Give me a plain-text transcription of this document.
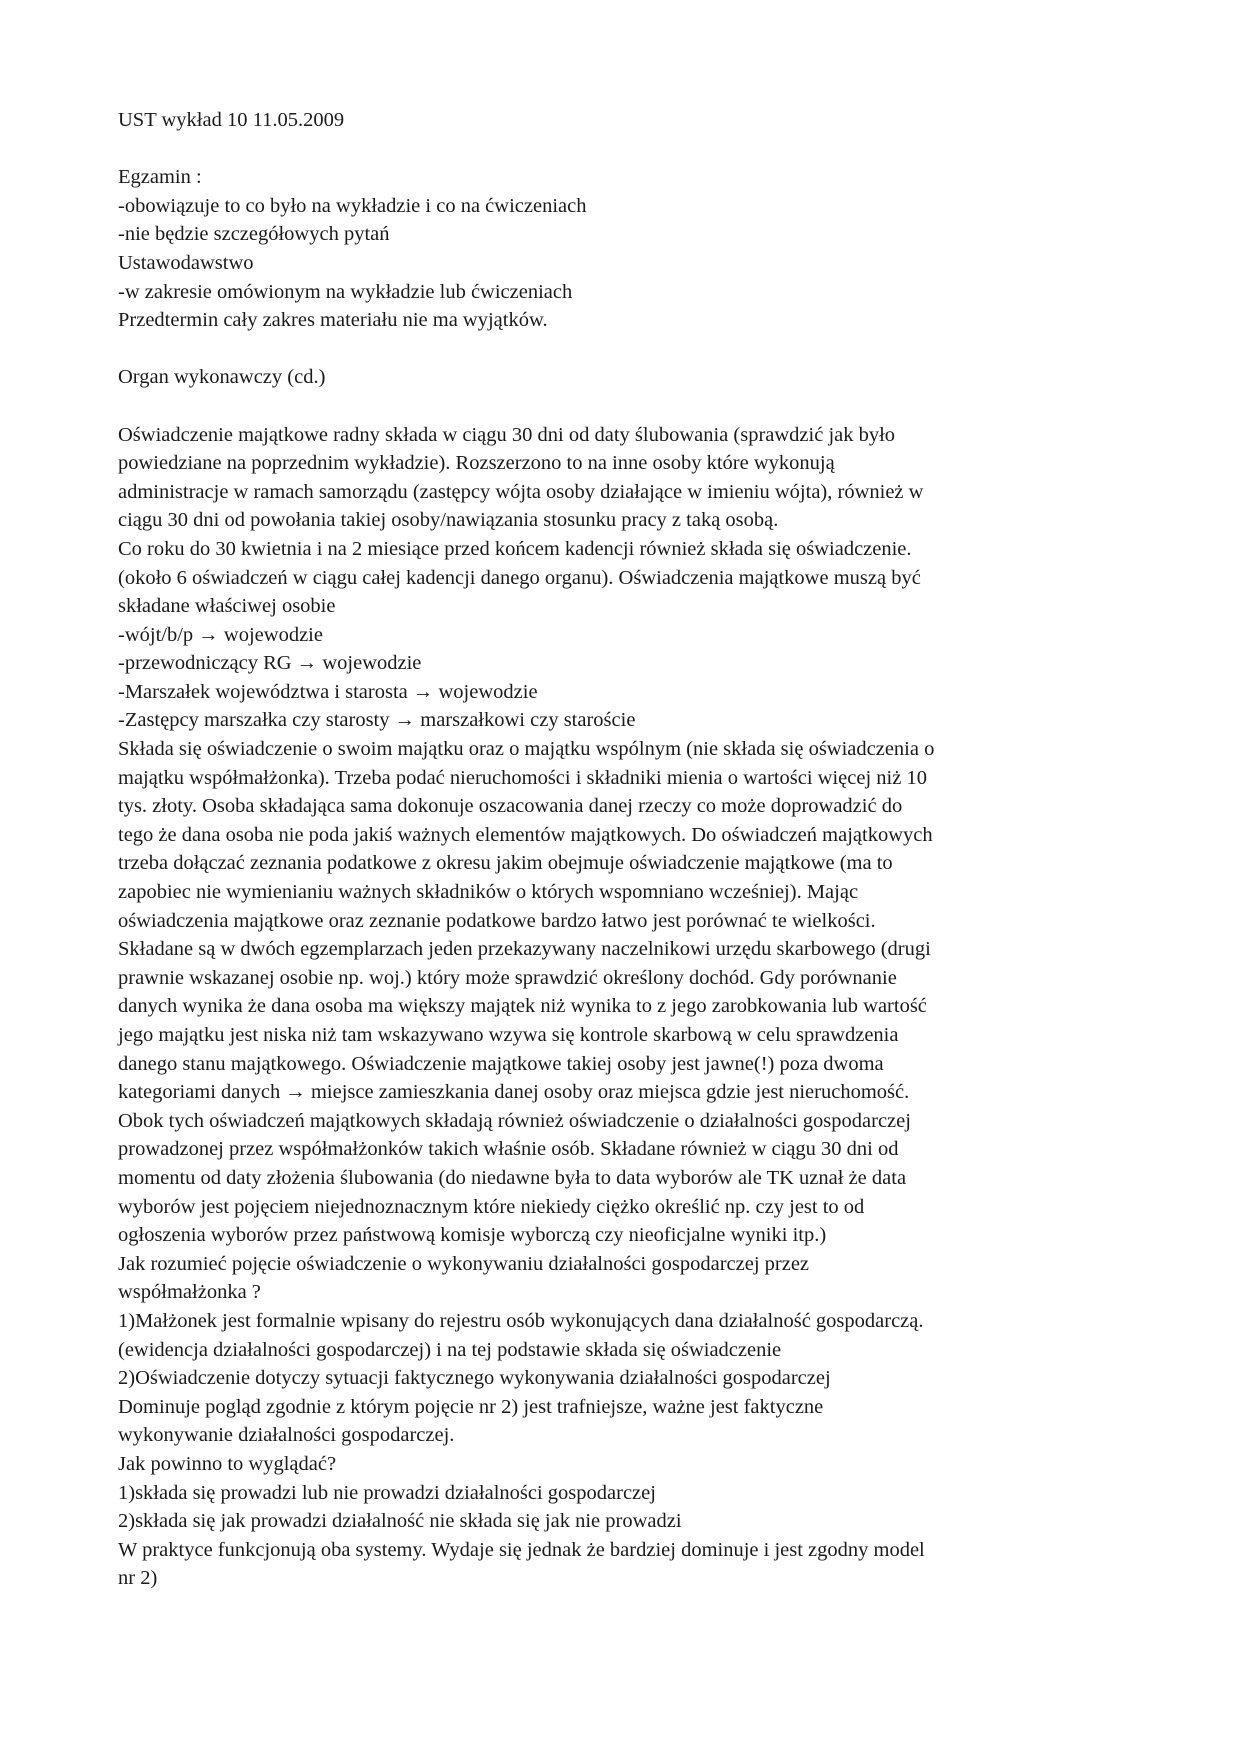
UST wykład 10 11.05.2009
Egzamin :
-obowiązuje to co było na wykładzie i co na ćwiczeniach
-nie będzie szczegółowych pytań
Ustawodawstwo
-w zakresie omówionym na wykładzie lub ćwiczeniach
Przedtermin cały zakres materiału nie ma wyjątków.
Organ wykonawczy (cd.)
Oświadczenie majątkowe radny składa w ciągu 30 dni od daty ślubowania (sprawdzić jak było
powiedziane na poprzednim wykładzie). Rozszerzono to na inne osoby które wykonują
administracje w ramach samorządu (zastępcy wójta osoby działające w imieniu wójta), również w
ciągu 30 dni od powołania takiej osoby/nawiązania stosunku pracy z taką osobą.
Co roku do 30 kwietnia i na 2 miesiące przed końcem kadencji również składa się oświadczenie.
(około 6 oświadczeń w ciągu całej kadencji danego organu). Oświadczenia majątkowe muszą być
składane właściwej osobie
-wójt/b/p → wojewodzie
-przewodniczący RG → wojewodzie
-Marszałek województwa i starosta → wojewodzie
-Zastępcy marszałka czy starosty → marszałkowi czy staroście
Składa się oświadczenie o swoim majątku oraz o majątku wspólnym (nie składa się oświadczenia o
majątku współmałżonka). Trzeba podać nieruchomości i składniki mienia o wartości więcej niż 10
tys. złoty. Osoba składająca sama dokonuje oszacowania danej rzeczy co może doprowadzić do
tego że dana osoba nie poda jakiś ważnych elementów majątkowych. Do oświadczeń majątkowych
trzeba dołączać zeznania podatkowe z okresu jakim obejmuje oświadczenie majątkowe (ma to
zapobiec nie wymienianiu ważnych składników o których wspomniano wcześniej). Mając
oświadczenia majątkowe oraz zeznanie podatkowe bardzo łatwo jest porównać te wielkości.
Składane są w dwóch egzemplarzach jeden przekazywany naczelnikowi urzędu skarbowego (drugi
prawnie wskazanej osobie np. woj.) który może sprawdzić określony dochód. Gdy porównanie
danych wynika że dana osoba ma większy majątek niż wynika to z jego zarobkowania lub wartość
jego majątku jest niska niż tam wskazywano wzywa się kontrole skarbową w celu sprawdzenia
danego stanu majątkowego. Oświadczenie majątkowe takiej osoby jest jawne(!) poza dwoma
kategoriami danych → miejsce zamieszkania danej osoby oraz miejsca gdzie jest nieruchomość.
Obok tych oświadczeń majątkowych składają również oświadczenie o działalności gospodarczej
prowadzonej przez współmałżonków takich właśnie osób. Składane również w ciągu 30 dni od
momentu od daty złożenia ślubowania (do niedawne była to data wyborów ale TK uznał że data
wyborów jest pojęciem niejednoznacznym które niekiedy ciężko określić np. czy jest to od
ogłoszenia wyborów przez państwową komisje wyborczą czy nieoficjalne wyniki itp.)
Jak rozumieć pojęcie oświadczenie o wykonywaniu działalności gospodarczej przez
współmałżonka ?
1)Małżonek jest formalnie wpisany do rejestru osób wykonujących dana działalność gospodarczą.
(ewidencja działalności gospodarczej) i na tej podstawie składa się oświadczenie
2)Oświadczenie dotyczy sytuacji faktycznego wykonywania działalności gospodarczej
Dominuje pogląd zgodnie z którym pojęcie nr 2) jest trafniejsze, ważne jest faktyczne
wykonywanie działalności gospodarczej.
Jak powinno to wyglądać?
1)składa się prowadzi lub nie prowadzi działalności gospodarczej
2)składa się jak prowadzi działalność nie składa się jak nie prowadzi
W praktyce funkcjonują oba systemy. Wydaje się jednak że bardziej dominuje i jest zgodny model
nr 2)
